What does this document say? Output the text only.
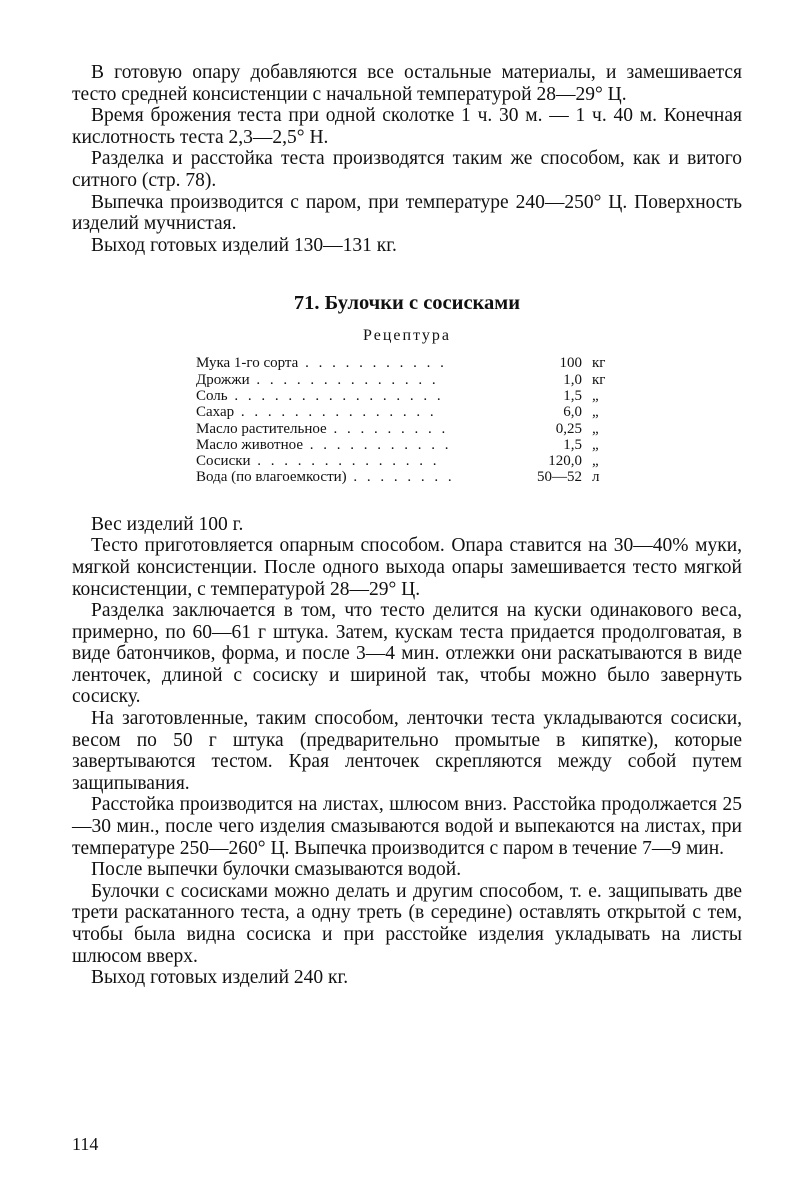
В готовую опару добавляются все остальные материалы, и замешивается тесто средней консистенции с начальной температурой 28—29° Ц.

Время брожения теста при одной сколотке 1 ч. 30 м. — 1 ч. 40 м. Конечная кислотность теста 2,3—2,5° Н.

Разделка и расстойка теста производятся таким же способом, как и витого ситного (стр. 78).

Выпечка производится с паром, при температуре 240—250° Ц. Поверхность изделий мучнистая.

Выход готовых изделий 130—131 кг.

71. Булочки с сосисками
Рецептура
Мука 1-го сорта . . . . . . . . . . .	100	кг
Дрожжи . . . . . . . . . . . . . .	1,0	кг
Соль . . . . . . . . . . . . . . . .	1,5	„
Сахар . . . . . . . . . . . . . . .	6,0	„
Масло растительное . . . . . . . . .	0,25	„
Масло животное . . . . . . . . . . .	1,5	„
Сосиски . . . . . . . . . . . . . .	120,0	„
Вода (по влагоемкости) . . . . . . . .	50—52	л

Вес изделий 100 г.

Тесто приготовляется опарным способом. Опара ставится на 30—40% муки, мягкой консистенции. После одного выхода опары замешивается тесто мягкой консистенции, с температурой 28—29° Ц.

Разделка заключается в том, что тесто делится на куски одинакового веса, примерно, по 60—61 г штука. Затем, кускам теста придается продолговатая, в виде батончиков, форма, и после 3—4 мин. отлежки они раскатываются в виде ленточек, длиной с сосиску и шириной так, чтобы можно было завернуть сосиску.

На заготовленные, таким способом, ленточки теста укладываются сосиски, весом по 50 г штука (предварительно промытые в кипятке), которые завертываются тестом. Края ленточек скрепляются между собой путем защипывания.

Расстойка производится на листах, шлюсом вниз. Расстойка продолжается 25—30 мин., после чего изделия смазываются водой и выпекаются на листах, при температуре 250—260° Ц. Выпечка производится с паром в течение 7—9 мин.

После выпечки булочки смазываются водой.

Булочки с сосисками можно делать и другим способом, т. е. защипывать две трети раскатанного теста, а одну треть (в середине) оставлять открытой с тем, чтобы была видна сосиска и при расстойке изделия укладывать на листы шлюсом вверх.

Выход готовых изделий 240 кг.

114
